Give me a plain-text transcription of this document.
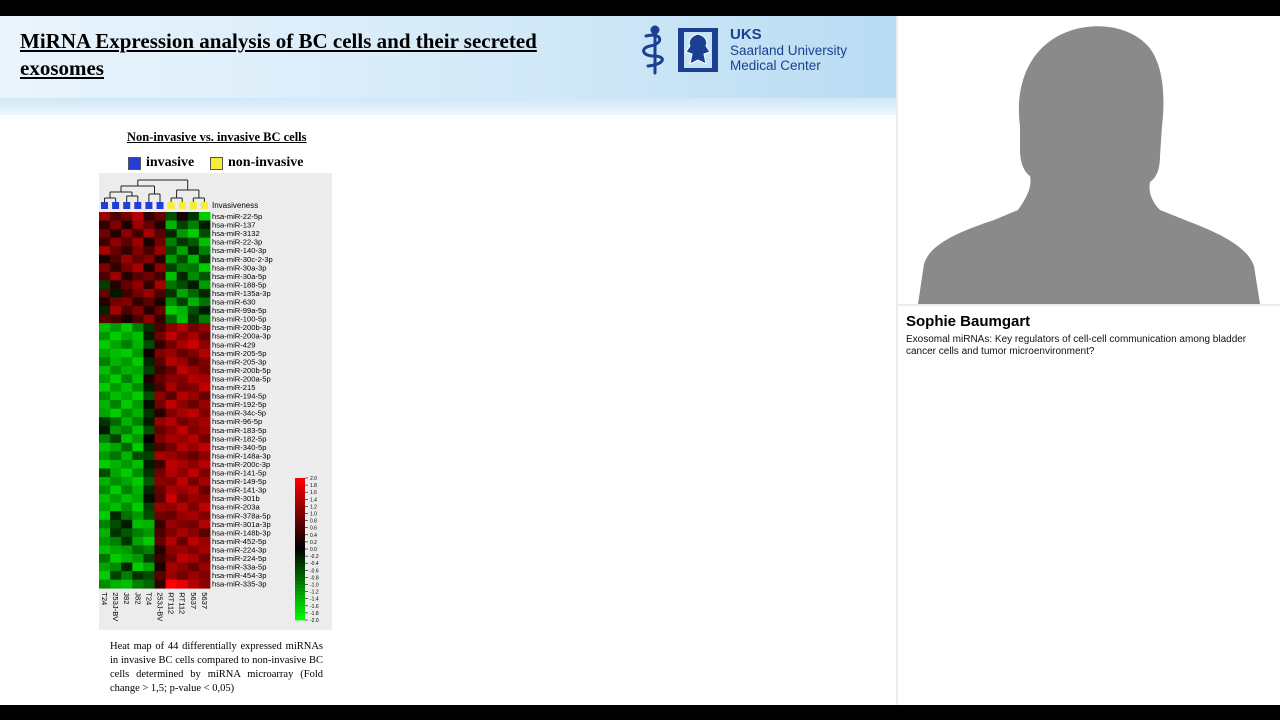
MiRNA Expression analysis of BC cells and their secreted exosomes
UKS
Saarland University
Medical Center
Non-invasive vs. invasive BC cells
invasive non-invasive
Invasiveness
hsa-miR-22-5p
hsa-miR-137
hsa-miR-3132
hsa-miR-22-3p
hsa-miR-140-3p
hsa-miR-30c-2-3p
hsa-miR-30a-3p
hsa-miR-30a-5p
hsa-miR-188-5p
hsa-miR-135a-3p
hsa-miR-630
hsa-miR-99a-5p
hsa-miR-100-5p
hsa-miR-200b-3p
hsa-miR-200a-3p
hsa-miR-429
hsa-miR-205-5p
hsa-miR-205-3p
hsa-miR-200b-5p
hsa-miR-200a-5p
hsa-miR-215
hsa-miR-194-5p
hsa-miR-192-5p
hsa-miR-34c-5p
hsa-miR-96-5p
hsa-miR-183-5p
hsa-miR-182-5p
hsa-miR-340-5p
hsa-miR-148a-3p
hsa-miR-200c-3p
hsa-miR-141-5p
hsa-miR-149-5p
hsa-miR-141-3p
hsa-miR-301b
hsa-miR-203a
hsa-miR-378a-5p
hsa-miR-301a-3p
hsa-miR-148b-3p
hsa-miR-452-5p
hsa-miR-224-3p
hsa-miR-224-5p
hsa-miR-33a-5p
hsa-miR-454-3p
hsa-miR-335-3p
T24 253J-BV J82 J82 T24 253J-BV RT112 RT112 5637 5637
2.0
1.8
1.6
1.4
1.2
1.0
0.8
0.6
0.4
0.2
0.0
-0.2
-0.4
-0.6
-0.8
-1.0
-1.2
-1.4
-1.6
-1.8
-2.0

Heat map of 44 differentially expressed miRNAs in invasive BC cells compared to non-invasive BC cells determined by miRNA microarray (Fold change > 1,5; p-value < 0,05)

Sophie Baumgart
Exosomal miRNAs: Key regulators of cell-cell communication among bladder cancer cells and tumor microenvironment?
